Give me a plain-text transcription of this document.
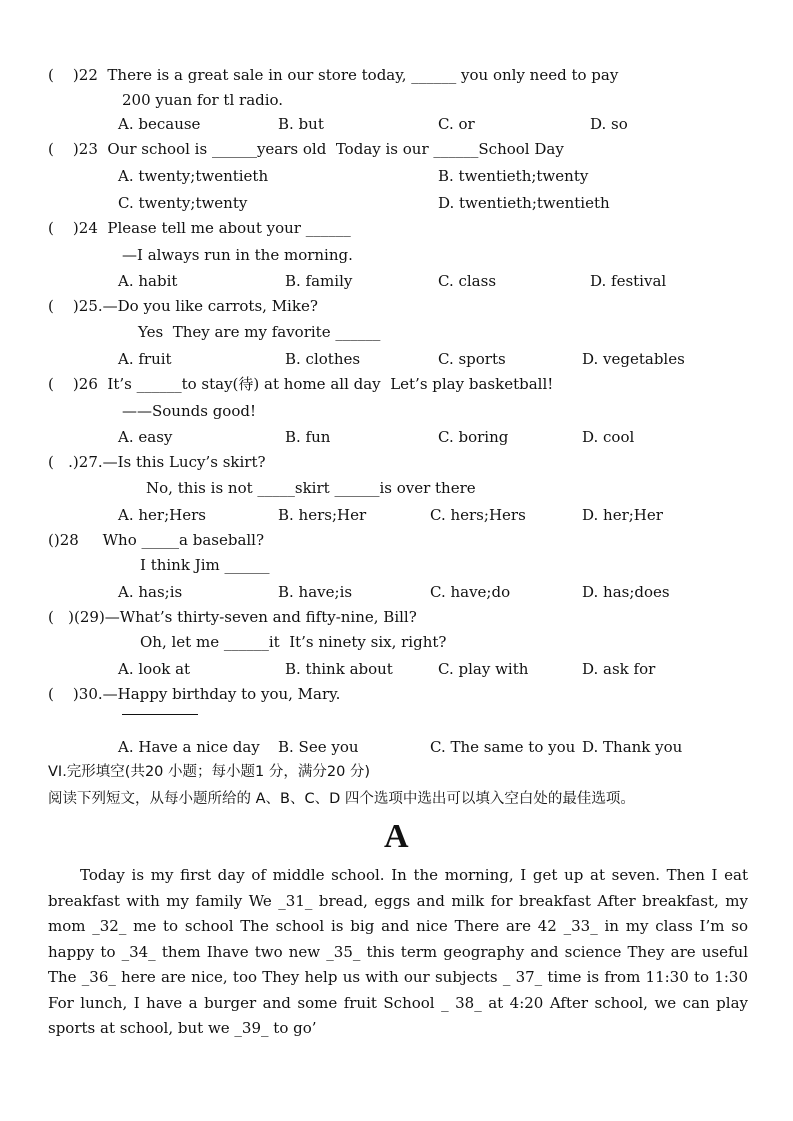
(    )22  There is a great sale in our store today, ______ you only need to pay
200 yuan for tl radio.
A. because	B. but	C. or	D. so
(    )23  Our school is ______years old  Today is our ______School Day
A. twenty;twentieth	B. twentieth;twenty
C. twenty;twenty	D. twentieth;twentieth
(    )24  Please tell me about your ______
—I always run in the morning.
A. habit	B. family	C. class	D. festival
(    )25.—Do you like carrots, Mike?
Yes  They are my favorite ______
A. fruit	B. clothes	C. sports	D. vegetables
(    )26  It’s ______to stay(待) at home all day  Let’s play basketball!
——Sounds good!
A. easy	B. fun	C. boring	D. cool
(   .)27.—Is this Lucy’s skirt?
No, this is not _____skirt ______is over there
A. her;Hers	B. hers;Her	C. hers;Hers	D. her;Her
()28     Who _____a baseball?
I think Jim ______
A. has;is	B. have;is	C. have;do	D. has;does
(   )(29)—What’s thirty-seven and fifty-nine, Bill?
Oh, let me ______it  It’s ninety six, right?
A. look at	B. think about	C. play with	D. ask for
(    )30.—Happy birthday to you, Mary.
A. Have a nice day B. See you	C. The same to you D. Thank you
VI.完形填空(共20 小题；每小题1 分，满分20 分)
阅读下列短文，从每小题所给的 A、B、C、D 四个选项中选出可以填入空白处的最佳选项。
A
Today is my first day of middle school. In the morning, I get up at seven. Then I eat breakfast with my family We _31_ bread, eggs and milk for breakfast After breakfast, my mom _32_ me to school The school is big and nice There are 42 _33_ in my class I’m so happy to _34_ them Ihave two new _35_ this term geography and science They are useful The _36_ here are nice, too They help us with our subjects _ 37_ time is from 11:30 to 1:30 For lunch, I have a burger and some fruit School _ 38_ at 4:20 After school, we can play sports at school, but we _39_ to go’
